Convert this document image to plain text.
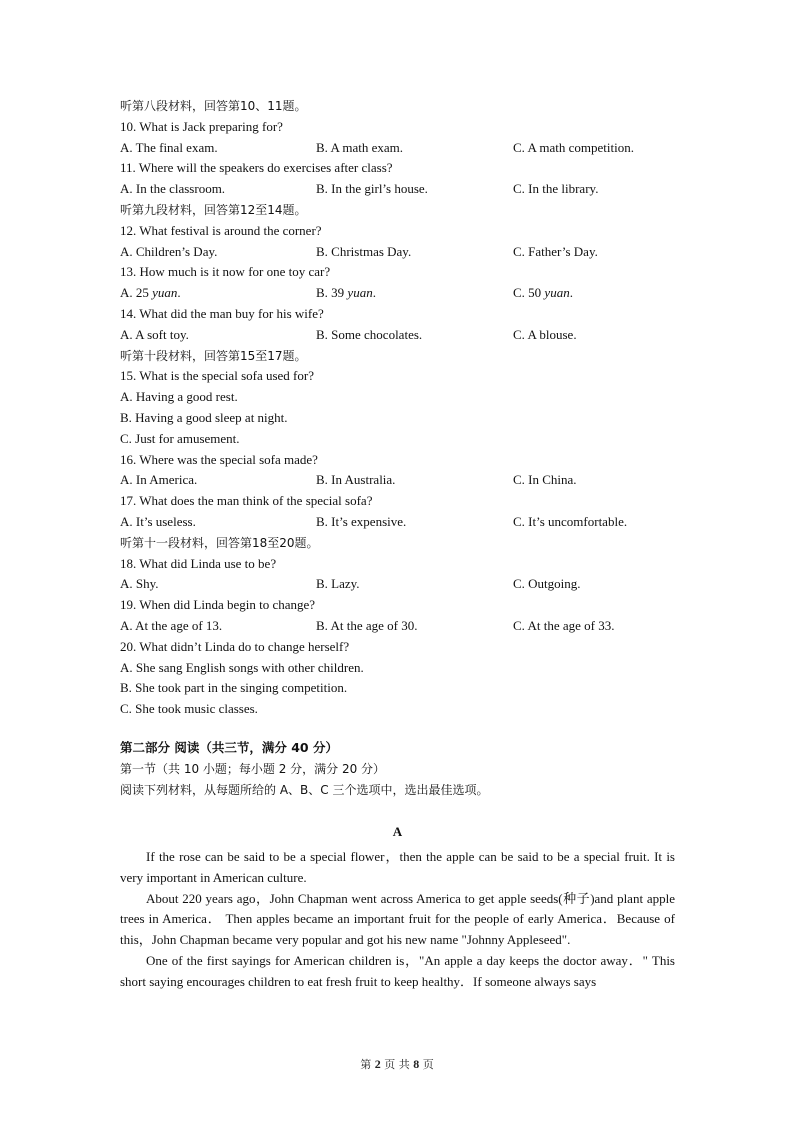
听第八段材料，回答第10、11题。
10. What is Jack preparing for?
A. The final exam.	B. A math exam.	C. A math competition.
11. Where will the speakers do exercises after class?
A. In the classroom.	B. In the girl’s house.	C. In the library.
听第九段材料，回答第12至14题。
12. What festival is around the corner?
A. Children’s Day.	B. Christmas Day.	C. Father’s Day.
13. How much is it now for one toy car?
A. 25 yuan.	B. 39 yuan.	C. 50 yuan.
14. What did the man buy for his wife?
A. A soft toy.	B. Some chocolates.	C. A blouse.
听第十段材料，回答第15至17题。
15. What is the special sofa used for?
A. Having a good rest.
B. Having a good sleep at night.
C. Just for amusement.
16. Where was the special sofa made?
A. In America.	B. In Australia.	C. In China.
17. What does the man think of the special sofa?
A. It’s useless.	B. It’s expensive.	C. It’s uncomfortable.
听第十一段材料，回答第18至20题。
18. What did Linda use to be?
A. Shy.	B. Lazy.	C. Outgoing.
19. When did Linda begin to change?
A. At the age of 13.	B. At the age of 30.	C. At the age of 33.
20. What didn’t Linda do to change herself?
A. She sang English songs with other children.
B. She took part in the singing competition.
C. She took music classes.
第二部分 阅读（共三节，满分 40 分）
第一节（共 10 小题；每小题 2 分，满分 20 分）
阅读下列材料，从每题所给的 A、B、C 三个选项中，选出最佳选项。
A
If the rose can be said to be a special flower，then the apple can be said to be a special fruit. It is very important in American culture.
About 220 years ago，John Chapman went across America to get apple seeds(种子)and plant apple trees in America． Then apples became an important fruit for the people of early America．Because of this，John Chapman became very popular and got his new name "Johnny Appleseed".
One of the first sayings for American children is，"An apple a day keeps the doctor away．" This short saying encourages children to eat fresh fruit to keep healthy．If someone always says
第 2 页 共 8 页
